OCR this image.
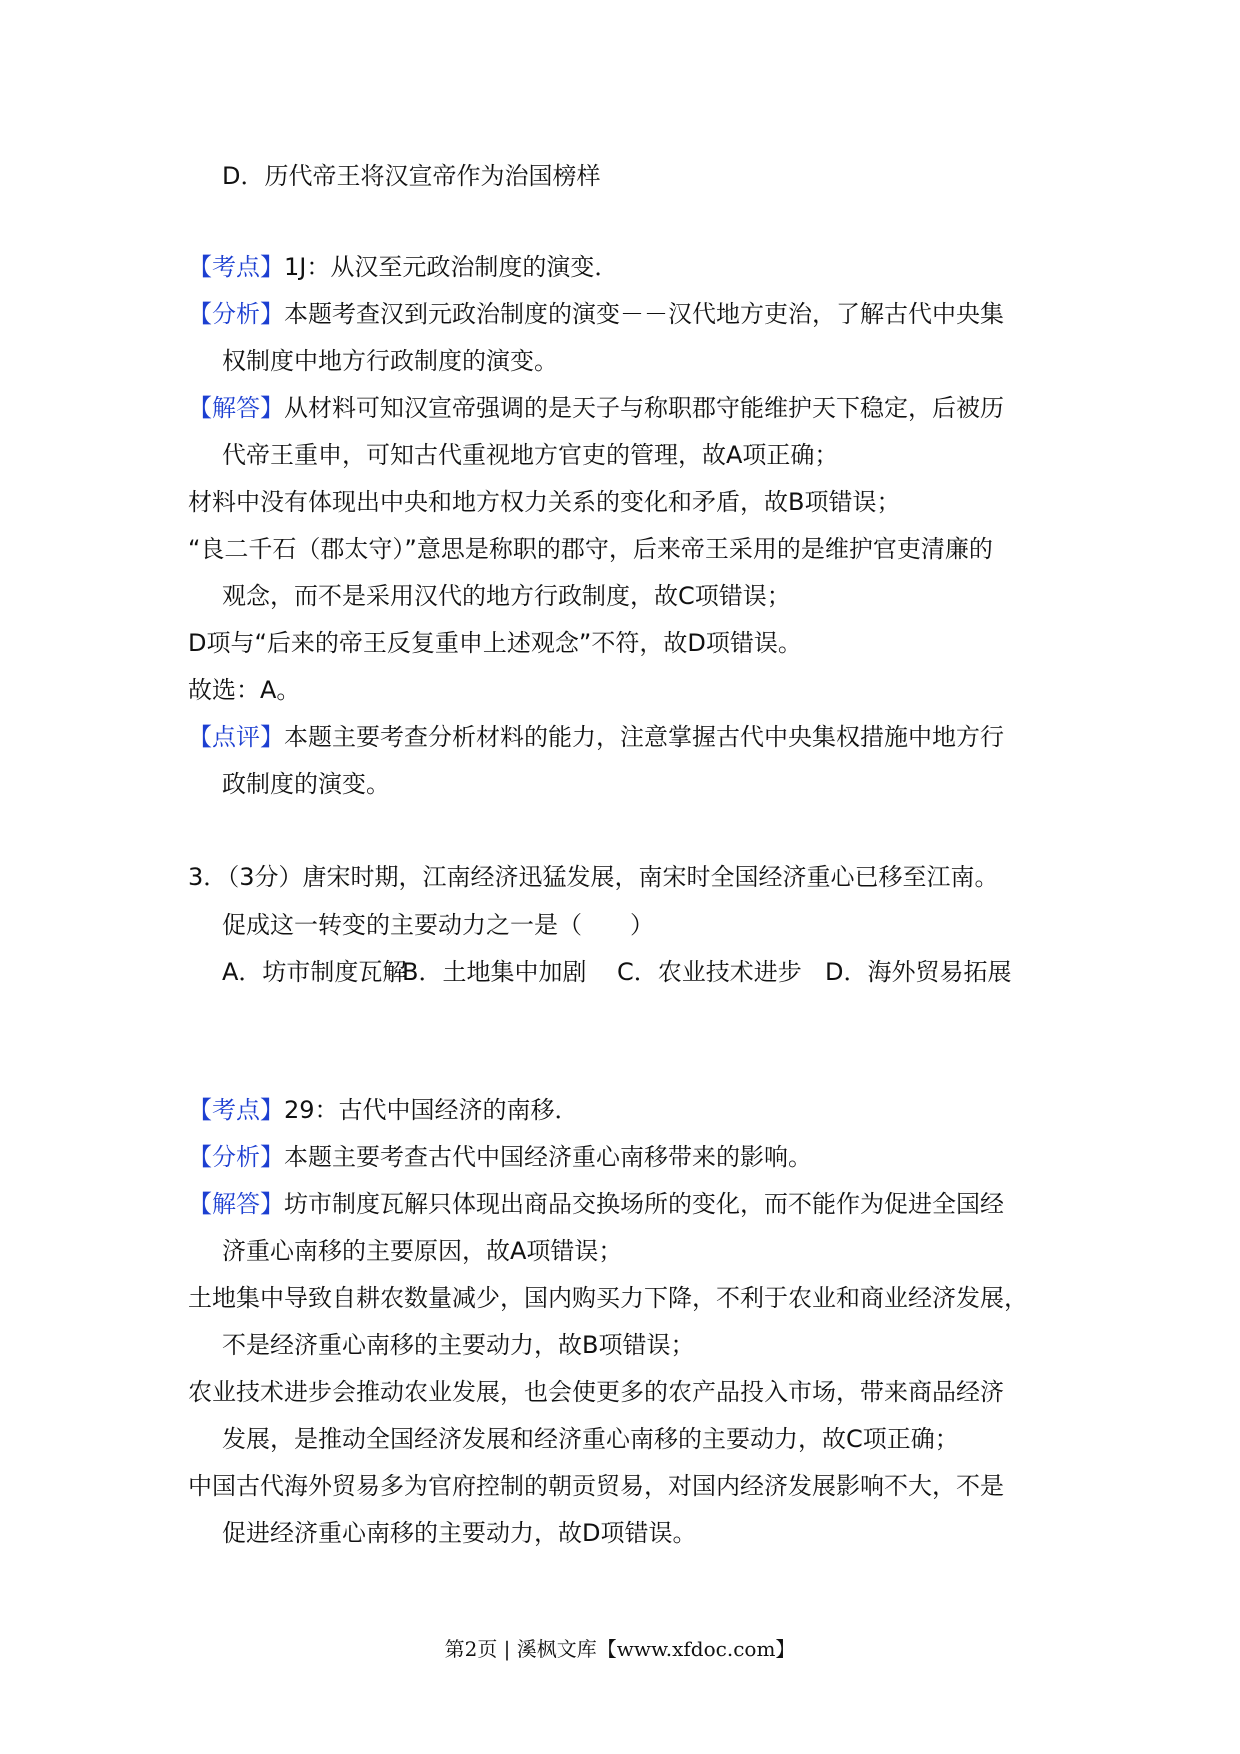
D．历代帝王将汉宣帝作为治国榜样
【考点】1J：从汉至元政治制度的演变．
【分析】本题考查汉到元政治制度的演变－－汉代地方吏治，了解古代中央集
权制度中地方行政制度的演变。
【解答】从材料可知汉宣帝强调的是天子与称职郡守能维护天下稳定，后被历
代帝王重申，可知古代重视地方官吏的管理，故A项正确；
材料中没有体现出中央和地方权力关系的变化和矛盾，故B项错误；
“良二千石（郡太守）”意思是称职的郡守，后来帝王采用的是维护官吏清廉的
观念，而不是采用汉代的地方行政制度，故C项错误；
D项与“后来的帝王反复重申上述观念”不符，故D项错误。
故选：A。
【点评】本题主要考查分析材料的能力，注意掌握古代中央集权措施中地方行
政制度的演变。
3．（3分）唐宋时期，江南经济迅猛发展，南宋时全国经济重心已移至江南。
促成这一转变的主要动力之一是（　　）
A．坊市制度瓦解B．土地集中加剧 C．农业技术进步 D．海外贸易拓展
【考点】29：古代中国经济的南移．
【分析】本题主要考查古代中国经济重心南移带来的影响。
【解答】坊市制度瓦解只体现出商品交换场所的变化，而不能作为促进全国经
济重心南移的主要原因，故A项错误；
土地集中导致自耕农数量减少，国内购买力下降，不利于农业和商业经济发展，
不是经济重心南移的主要动力，故B项错误；
农业技术进步会推动农业发展，也会使更多的农产品投入市场，带来商品经济
发展，是推动全国经济发展和经济重心南移的主要动力，故C项正确；
中国古代海外贸易多为官府控制的朝贡贸易，对国内经济发展影响不大，不是
促进经济重心南移的主要动力，故D项错误。
第2页 | 溪枫文库【www.xfdoc.com】
